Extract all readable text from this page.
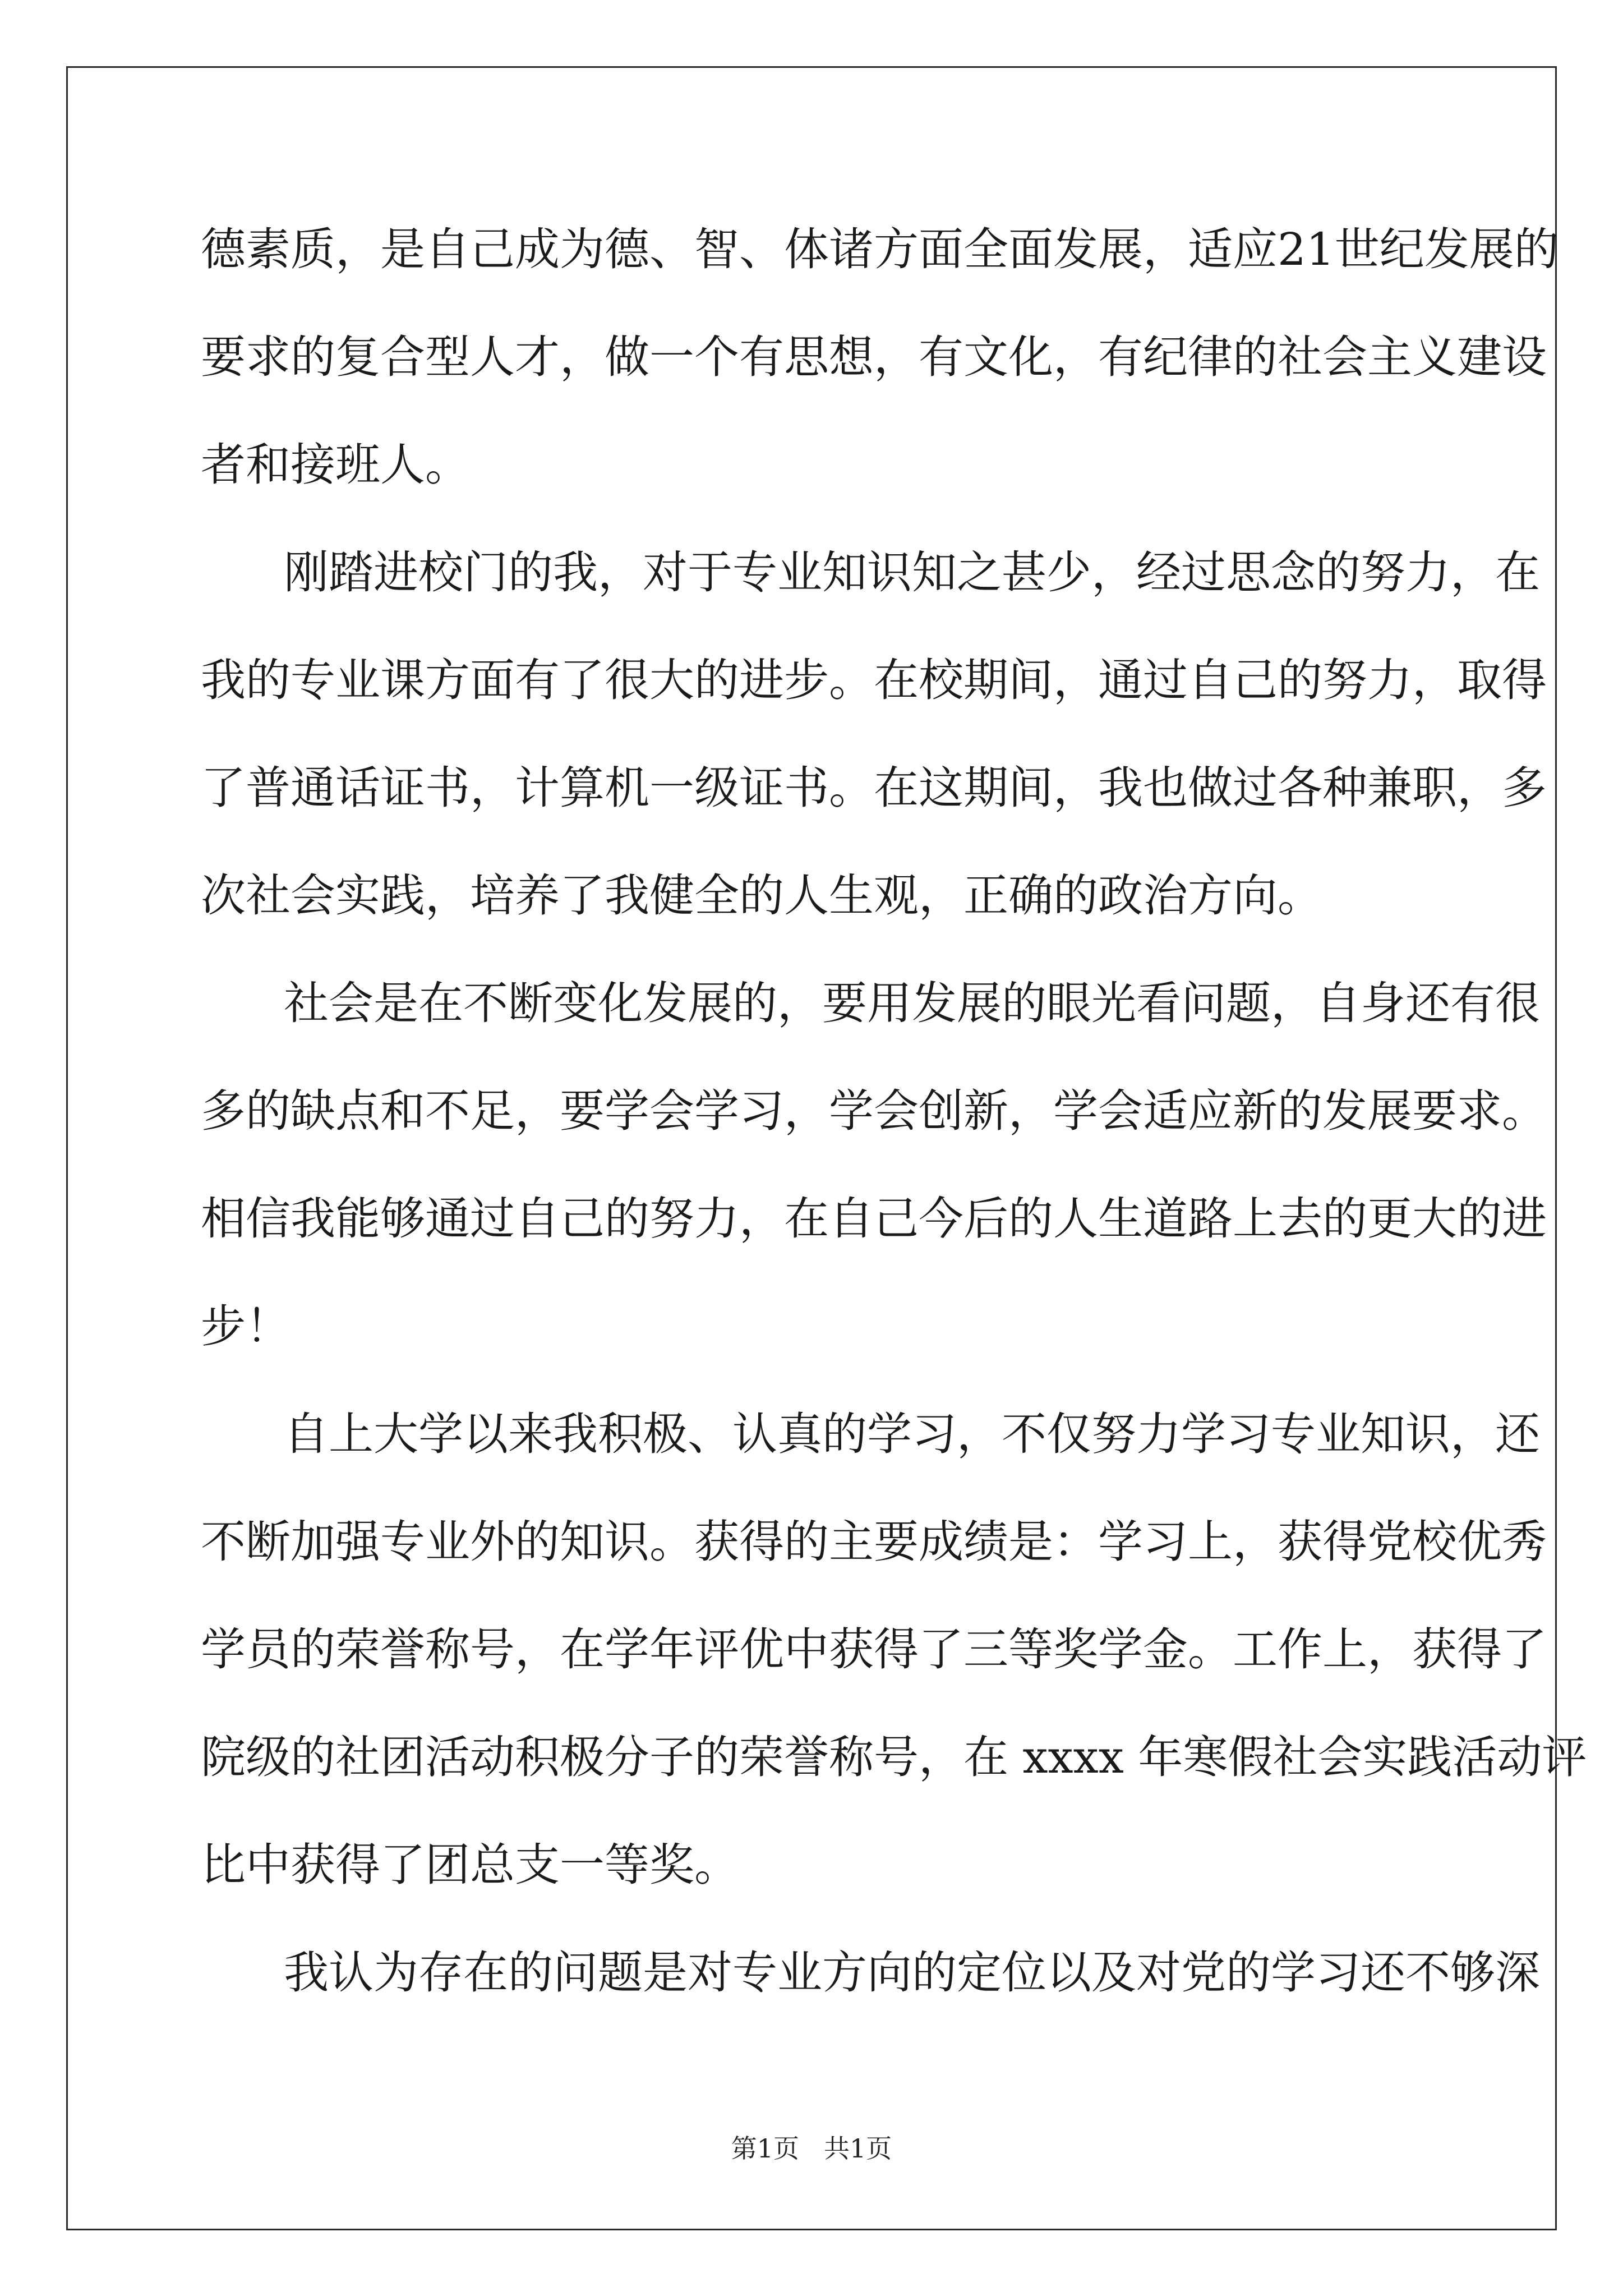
德素质，是自己成为德、智、体诸方面全面发展，适应21世纪发展的
要求的复合型人才，做一个有思想，有文化，有纪律的社会主义建设
者和接班人。
刚踏进校门的我，对于专业知识知之甚少，经过思念的努力，在
我的专业课方面有了很大的进步。在校期间，通过自己的努力，取得
了普通话证书，计算机一级证书。在这期间，我也做过各种兼职，多
次社会实践，培养了我健全的人生观，正确的政治方向。
社会是在不断变化发展的，要用发展的眼光看问题，自身还有很
多的缺点和不足，要学会学习，学会创新，学会适应新的发展要求。
相信我能够通过自己的努力，在自己今后的人生道路上去的更大的进
步！
自上大学以来我积极、认真的学习，不仅努力学习专业知识，还
不断加强专业外的知识。获得的主要成绩是：学习上，获得党校优秀
学员的荣誉称号，在学年评优中获得了三等奖学金。工作上，获得了
院级的社团活动积极分子的荣誉称号，在 xxxx 年寒假社会实践活动评
比中获得了团总支一等奖。
我认为存在的问题是对专业方向的定位以及对党的学习还不够深
第1页 共1页
